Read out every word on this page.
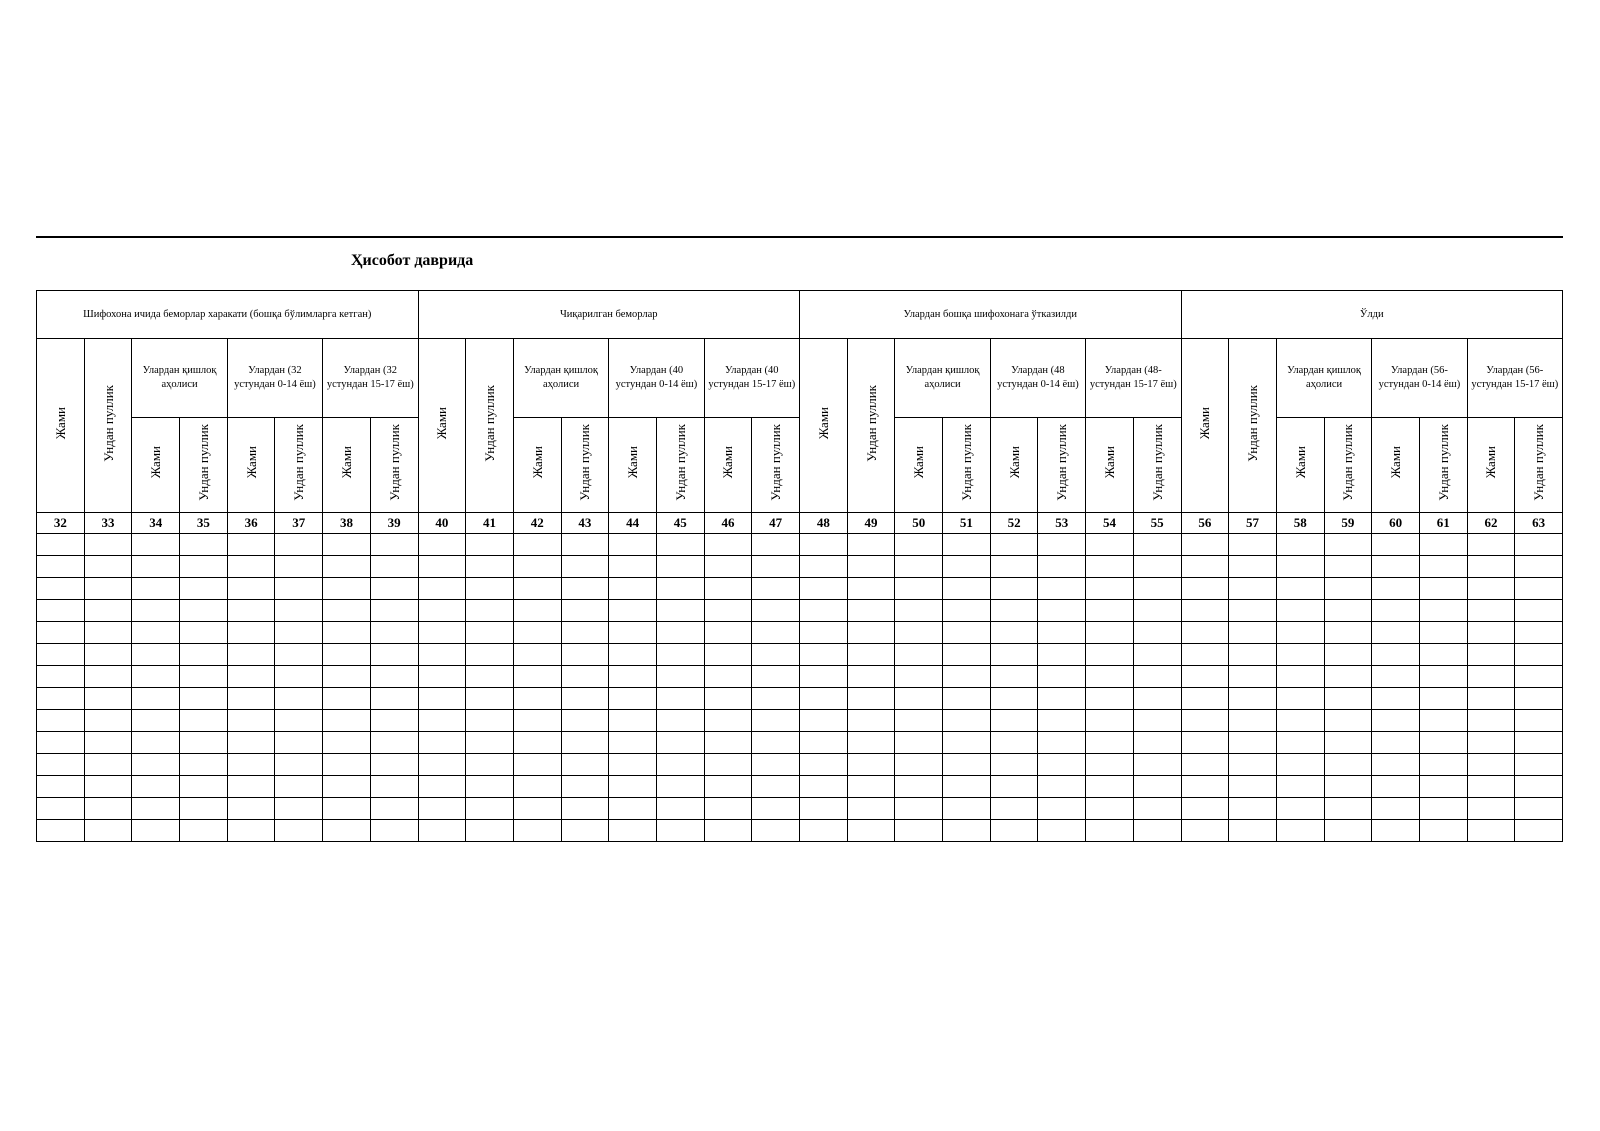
Ҳисобот даврида
Шифохона ичида беморлар харакати (бошқа бўлимларга кетган)								Чиқарилган беморлар								Улардан бошқа шифохонага ўтказилди								Ўлди							
Жами	Ундан пуллик	Улардан қишлоқ аҳолиси		Улардан (32 устундан 0-14 ёш)		Улардан (32 устундан 15-17 ёш)		Жами	Ундан пуллик	Улардан қишлоқ аҳолиси		Улардан (40 устундан 0-14 ёш)		Улардан (40 устундан 15-17 ёш)		Жами	Ундан пуллик	Улардан қишлоқ аҳолиси		Улардан (48 устундан 0-14 ёш)		Улардан (48-устундан 15-17 ёш)		Жами	Ундан пуллик	Улардан қишлоқ аҳолиси		Улардан (56-устундан 0-14 ёш)		Улардан (56-устундан 15-17 ёш)	
		Жами	Ундан пуллик	Жами	Ундан пуллик	Жами	Ундан пуллик			Жами	Ундан пуллик	Жами	Ундан пуллик	Жами	Ундан пуллик			Жами	Ундан пуллик	Жами	Ундан пуллик	Жами	Ундан пуллик			Жами	Ундан пуллик	Жами	Ундан пуллик	Жами	Ундан пуллик
32	33	34	35	36	37	38	39	40	41	42	43	44	45	46	47	48	49	50	51	52	53	54	55	56	57	58	59	60	61	62	63
